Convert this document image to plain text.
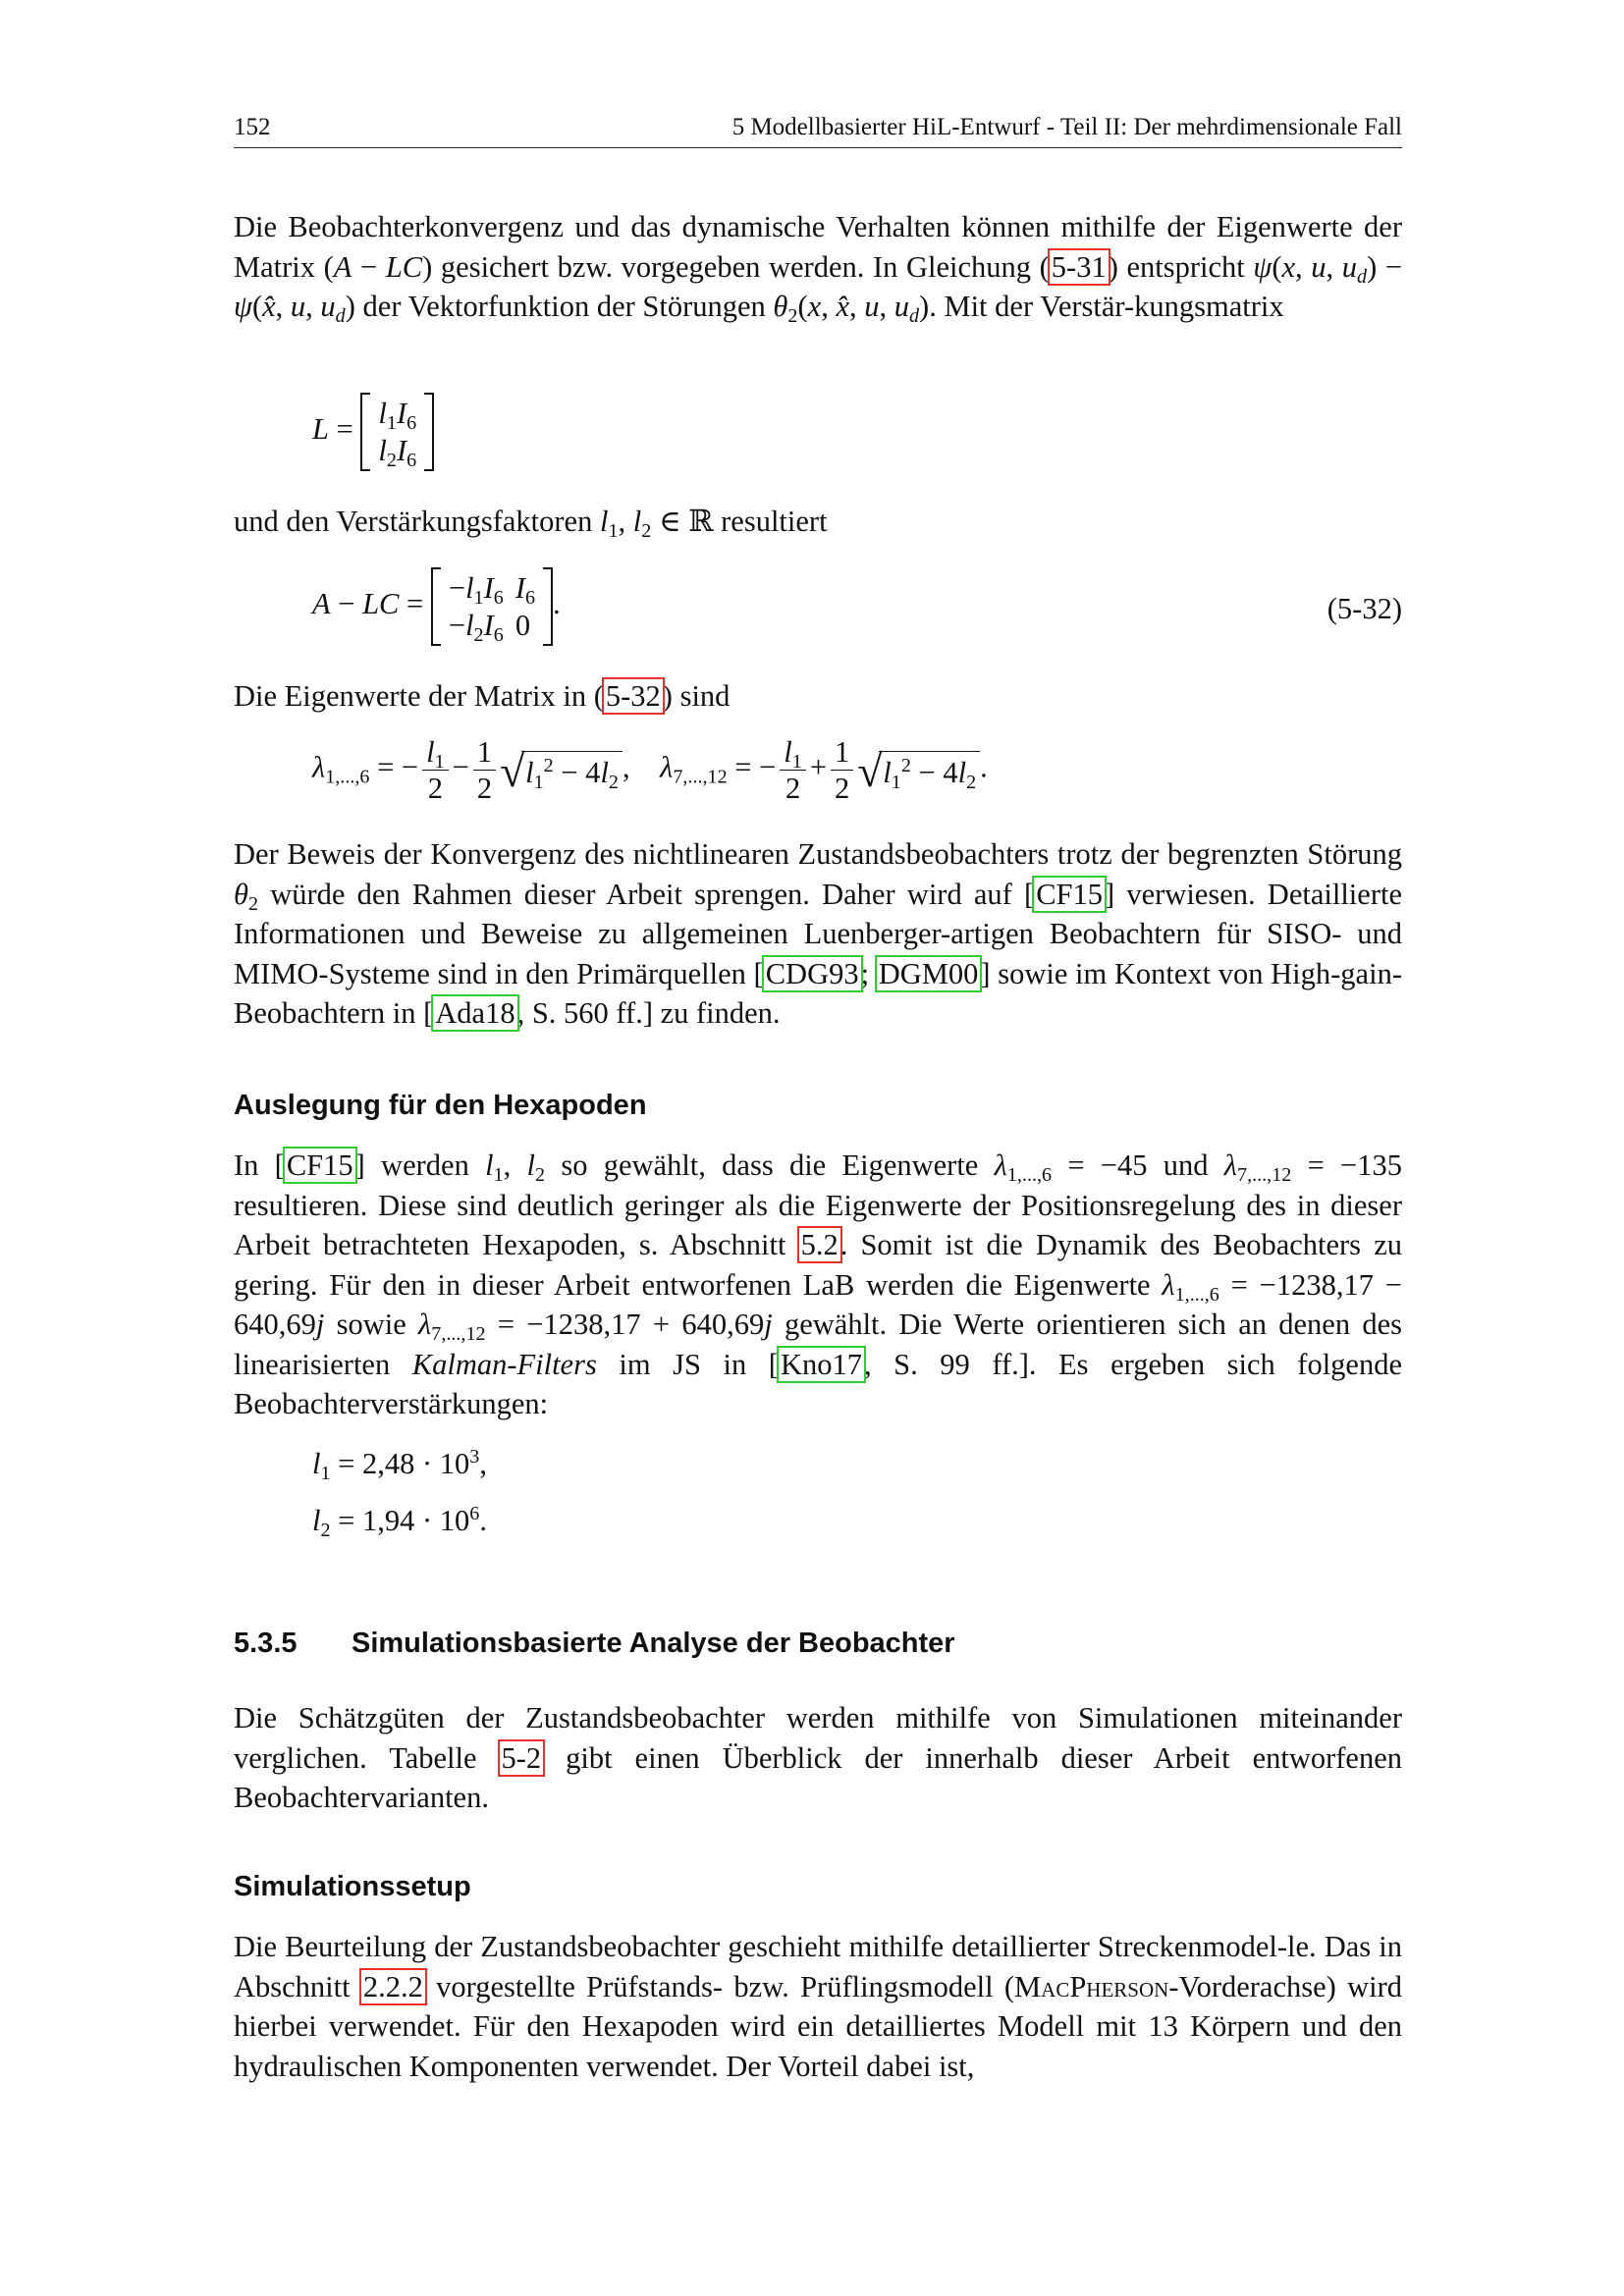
152	5 Modellbasierter HiL-Entwurf - Teil II: Der mehrdimensionale Fall
Die Beobachterkonvergenz und das dynamische Verhalten können mithilfe der Eigenwerte der Matrix (A − LC) gesichert bzw. vorgegeben werden. In Gleichung (5-31) entspricht ψ(x, u, $u_d$) − ψ(x̂, u, $u_d$) der Vektorfunktion der Störungen $\theta_2(x$, x̂, u, $u_d$). Mit der Verstär-kungsmatrix
$L = l_1I_6$
$l_2I_6$
und den Verstärkungsfaktoren $l_1$, $l_2$ ∈ ℝ resultiert
A − LC = $-l_1I_6$	$I_6$
$-l_2I_6$	0
.	(5-32)
Die Eigenwerte der Matrix in (5-32) sind
$\lambda_{1,...,6}$ = − $\frac{l_1}{2} - \frac{1}{2}$ √ $l_1^2 - 4l_2$ ,    $\lambda_{7,...,12}$ = − $\frac{l_1}{2} + \frac{1}{2}$ √ $l_1^2 - 4l_2$ .
Der Beweis der Konvergenz des nichtlinearen Zustandsbeobachters trotz der begrenzten Störung $\theta_2$ würde den Rahmen dieser Arbeit sprengen. Daher wird auf [CF15] verwiesen. Detaillierte Informationen und Beweise zu allgemeinen Luenberger-artigen Beobachtern für SISO- und MIMO-Systeme sind in den Primärquellen [CDG93; DGM00] sowie im Kontext von High-gain-Beobachtern in [Ada18, S. 560 ff.] zu finden.
Auslegung für den Hexapoden
In [CF15] werden $l_1$, $l_2$ so gewählt, dass die Eigenwerte $\lambda_{1,...,6} = -45$ und $\lambda_{7,...,12} = -135$ resultieren. Diese sind deutlich geringer als die Eigenwerte der Positionsregelung des in dieser Arbeit betrachteten Hexapoden, s. Abschnitt 5.2. Somit ist die Dynamik des Beobachters zu gering. Für den in dieser Arbeit entworfenen LaB werden die Eigenwerte $\lambda_{1,...,6} = -1238,17 - 640,69j$ sowie $\lambda_{7,...,12} = -1238,17 + 640,69j$ gewählt. Die Werte orientieren sich an denen des linearisierten Kalman-Filters im JS in [Kno17, S. 99 ff.]. Es ergeben sich folgende Beobachterverstärkungen:
$l_1 = 2,48 \cdot 10^3$,
$l_2 = 1,94 \cdot 10^6$.
5.3.5 Simulationsbasierte Analyse der Beobachter
Die Schätzgüten der Zustandsbeobachter werden mithilfe von Simulationen miteinander verglichen. Tabelle 5-2 gibt einen Überblick der innerhalb dieser Arbeit entworfenen Beobachtervarianten.
Simulationssetup
Die Beurteilung der Zustandsbeobachter geschieht mithilfe detaillierter Streckenmodel-le. Das in Abschnitt 2.2.2 vorgestellte Prüfstands- bzw. Prüflingsmodell (MacPherson-Vorderachse) wird hierbei verwendet. Für den Hexapoden wird ein detailliertes Modell mit 13 Körpern und den hydraulischen Komponenten verwendet. Der Vorteil dabei ist,
